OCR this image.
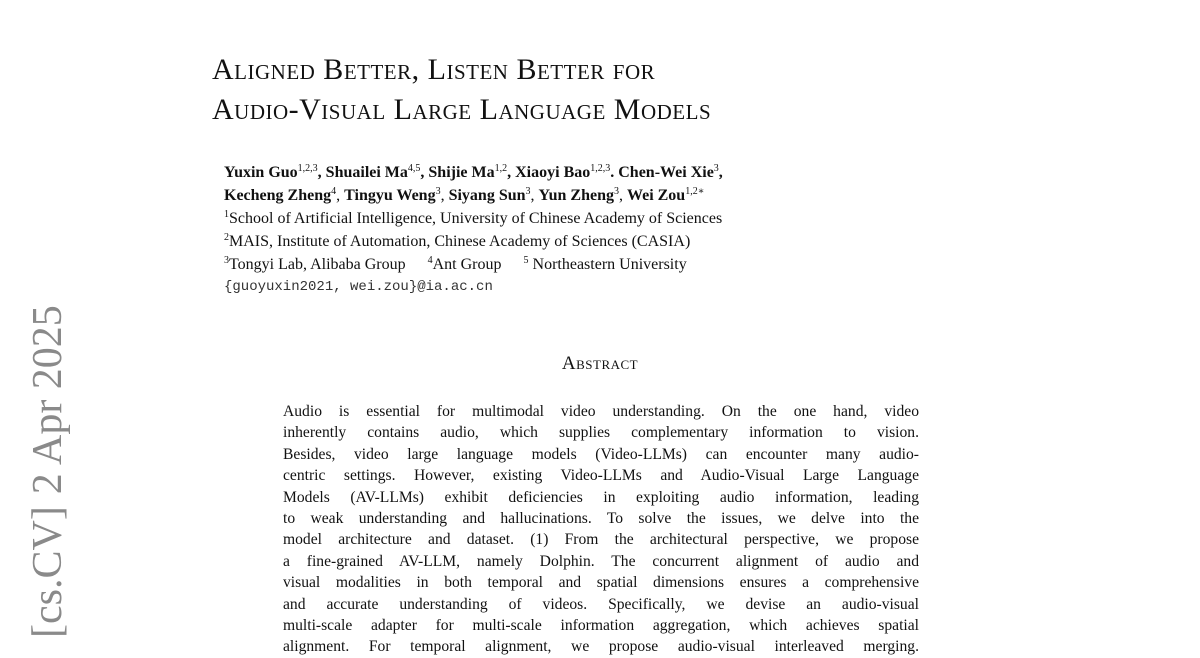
[cs.CV]2 Apr 2025
Aligned Better, Listen Better for
Audio-Visual Large Language Models
Yuxin Guo$^{1,2,3}$, Shuailei Ma$^{4,5}$, Shijie Ma$^{1,2}$, Xiaoyi Bao$^{1,2,3}$. Chen-Wei Xie$^3$,
Kecheng Zheng$^4$, Tingyu Weng$^3$, Siyang Sun$^3$, Yun Zheng$^3$, Wei Zou$^{1,2∗}$
$^1$School of Artificial Intelligence, University of Chinese Academy of Sciences
$^2$MAIS, Institute of Automation, Chinese Academy of Sciences (CASIA)
$^3$Tongyi Lab, Alibaba Group $^4$Ant Group $^5$ Northeastern University
{guoyuxin2021, wei.zou}@ia.ac.cn
Abstract
Audio is essential for multimodal video understanding. On the one hand, video
inherently contains audio, which supplies complementary information to vision.
Besides, video large language models (Video-LLMs) can encounter many audio-
centric settings. However, existing Video-LLMs and Audio-Visual Large Language
Models (AV-LLMs) exhibit deficiencies in exploiting audio information, leading
to weak understanding and hallucinations. To solve the issues, we delve into the
model architecture and dataset. (1) From the architectural perspective, we propose
a fine-grained AV-LLM, namely Dolphin. The concurrent alignment of audio and
visual modalities in both temporal and spatial dimensions ensures a comprehensive
and accurate understanding of videos. Specifically, we devise an audio-visual
multi-scale adapter for multi-scale information aggregation, which achieves spatial
alignment. For temporal alignment, we propose audio-visual interleaved merging.
